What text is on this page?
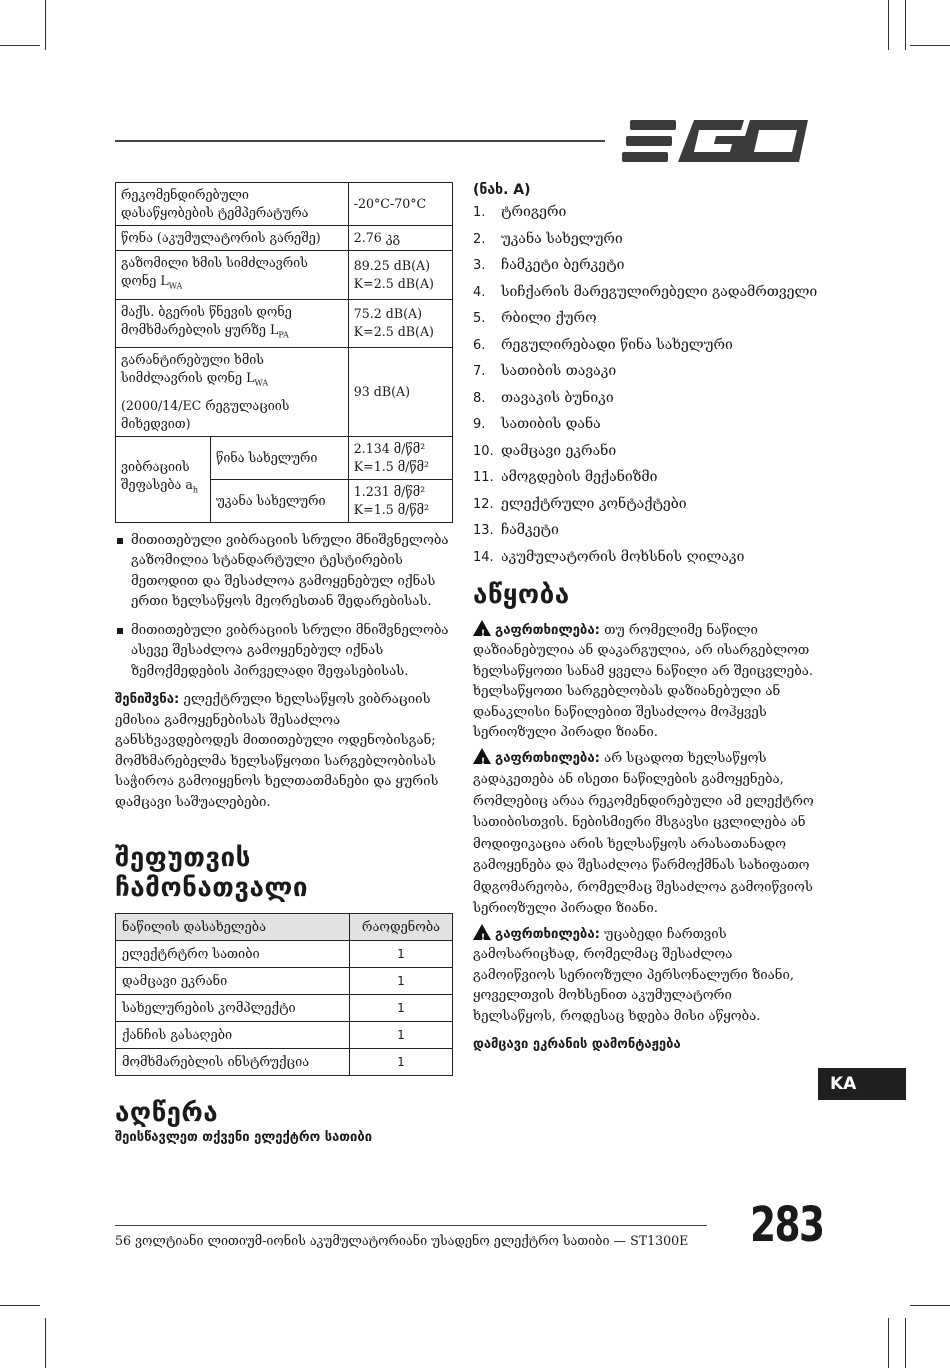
რეკომენდირებული დასაწყობების ტემპერატურა		-20°C-70°C
წონა (აკუმულატორის გარეშე)		2.76 კგ
გაზომილი ხმის სიმძლავრის დონე $L_{WA}$		89.25 dB(A)
K=2.5 dB(A)

მაქს. ბგერის წნევის დონე მომხმარებლის ყურზე $L_{PA}$		75.2 dB(A)
K=2.5 dB(A)

გარანტირებული ხმის სიმძლავრის დონე $L_{WA}$
(2000/14/EC რეგულაციის მიხედვით)		93 dB(A)
ვიბრაციის შეფასება $a_h$	წინა სახელური	2.134 მ/წმ²
K=1.5 მ/წმ²

	უკანა სახელური	1.231 მ/წმ²
K=1.5 მ/წმ²
მითითებული ვიბრაციის სრული მნიშვნელობა გაზომილია სტანდარტული ტესტირების მეთოდით და შესაძლოა გამოყენებულ იქნას ერთი ხელსაწყოს მეორესთან შედარებისას.
მითითებული ვიბრაციის სრული მნიშვნელობა ასევე შესაძლოა გამოყენებულ იქნას ზემოქმედების პირველადი შეფასებისას.

შენიშვნა: ელექტრული ხელსაწყოს ვიბრაციის ემისია გამოყენებისას შესაძლოა განსხვავდებოდეს მითითებული ოდენობისგან; მომხმარებელმა ხელსაწყოთი სარგებლობისას საჭიროა გამოიყენოს ხელთათმანები და ყურის დამცავი საშუალებები.

შეფუთვის ჩამონათვალი
ნაწილის დასახელება	რაოდენობა
ელექტრტრო სათიბი	1
დამცავი ეკრანი	1
სახელურების კომპლექტი	1
ქანჩის გასაღები	1
მომხმარებლის ინსტრუქცია	1
აღწერა
შეისწავლეთ თქვენი ელექტრო სათიბი
(ნახ. A)
1.	ტრიგერი
2.	უკანა სახელური
3.	ჩამკეტი ბერკეტი
4.	სიჩქარის მარეგულირებელი გადამრთველი
5.	რბილი ქურო
6.	რეგულირებადი წინა სახელური
7.	სათიბის თავაკი
8.	თავაკის ბუნიკი
9.	სათიბის დანა
10. დამცავი ეკრანი
11. ამოგდების მექანიზმი
12. ელექტრული კონტაქტები
13. ჩამკეტი
14. აკუმულატორის მოხსნის ღილაკი
აწყობა

! გაფრთხილება: თუ რომელიმე ნაწილი დაზიანებულია ან დაკარგულია, არ ისარგებლოთ ხელსაწყოთი სანამ ყველა ნაწილი არ შეიცვლება. ხელსაწყოთი სარგებლობას დაზიანებული ან დანაკლისი ნაწილებით შესაძლოა მოჰყვეს სერიოზული პირადი ზიანი.

! გაფრთხილება: არ სცადოთ ხელსაწყოს გადაკეთება ან ისეთი ნაწილების გამოყენება, რომლებიც არაა რეკომენდირებული ამ ელექტრო სათიბისთვის. ნებისმიერი მსგავსი ცვლილება ან მოდიფიკაცია არის ხელსაწყოს არასათანადო გამოყენება და შესაძლოა წარმოქმნას სახიფათო მდგომარეობა, რომელმაც შესაძლოა გამოიწვიოს სერიოზული პირადი ზიანი.

! გაფრთხილება: უცაბედი ჩართვის გამოსარიცხად, რომელმაც შესაძლოა გამოიწვიოს სერიოზული პერსონალური ზიანი, ყოველთვის მოხსენით აკუმულატორი ხელსაწყოს, როდესაც ხდება მისი აწყობა.

დამცავი ეკრანის დამონტაჟება
KA
56 ვოლტიანი ლითიუმ-იონის აკუმულატორიანი უსადენო ელექტრო სათიბი — ST1300E 283
